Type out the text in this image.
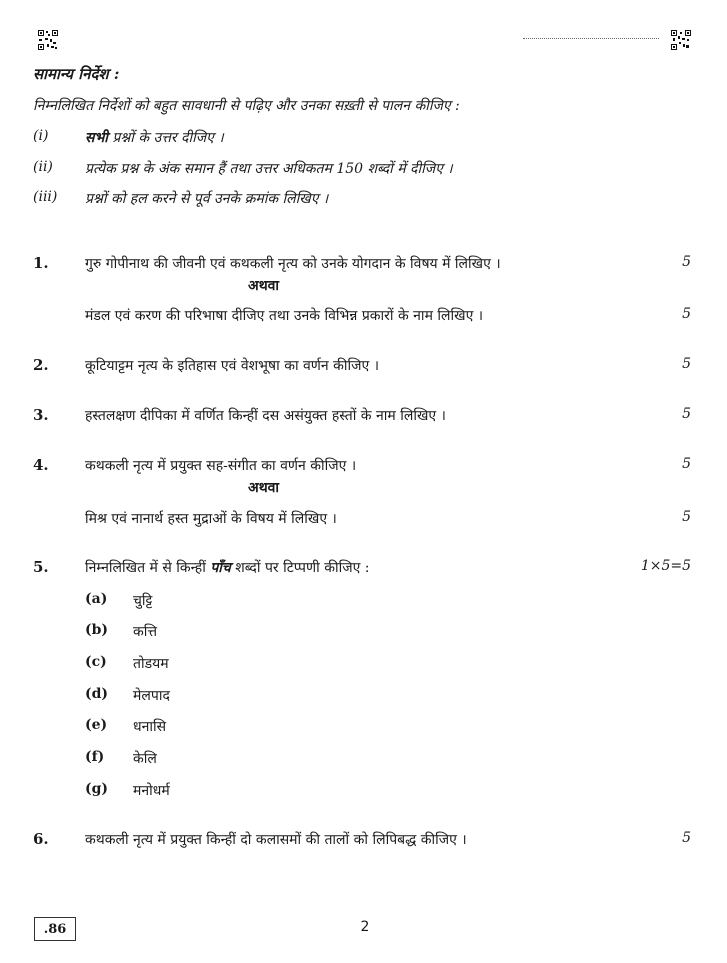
सामान्य निर्देश :
निम्नलिखित निर्देशों को बहुत सावधानी से पढ़िए और उनका सख़्ती से पालन कीजिए :
(i)	सभी प्रश्नों के उत्तर दीजिए ।
(ii) प्रत्येक प्रश्न के अंक समान हैं तथा उत्तर अधिकतम 150 शब्दों में दीजिए ।
(iii) प्रश्नों को हल करने से पूर्व उनके क्रमांक लिखिए ।
1.	गुरु गोपीनाथ की जीवनी एवं कथकली नृत्य को उनके योगदान के विषय में लिखिए ।	5
अथवा
मंडल एवं करण की परिभाषा दीजिए तथा उनके विभिन्न प्रकारों के नाम लिखिए ।	5
2.	कूटियाट्टम नृत्य के इतिहास एवं वेशभूषा का वर्णन कीजिए ।	5
3.	हस्तलक्षण दीपिका में वर्णित किन्हीं दस असंयुक्त हस्तों के नाम लिखिए ।	5
4.	कथकली नृत्य में प्रयुक्त सह-संगीत का वर्णन कीजिए ।	5
अथवा
मिश्र एवं नानार्थ हस्त मुद्राओं के विषय में लिखिए ।	5
5.	निम्नलिखित में से किन्हीं पाँच शब्दों पर टिप्पणी कीजिए :	1×5=5
(a) चुट्टि
(b) कत्ति
(c) तोडयम
(d) मेलपाद
(e) धनासि
(f) केलि
(g) मनोधर्म
6.	कथकली नृत्य में प्रयुक्त किन्हीं दो कलासमों की तालों को लिपिबद्ध कीजिए ।	5
.86	2
